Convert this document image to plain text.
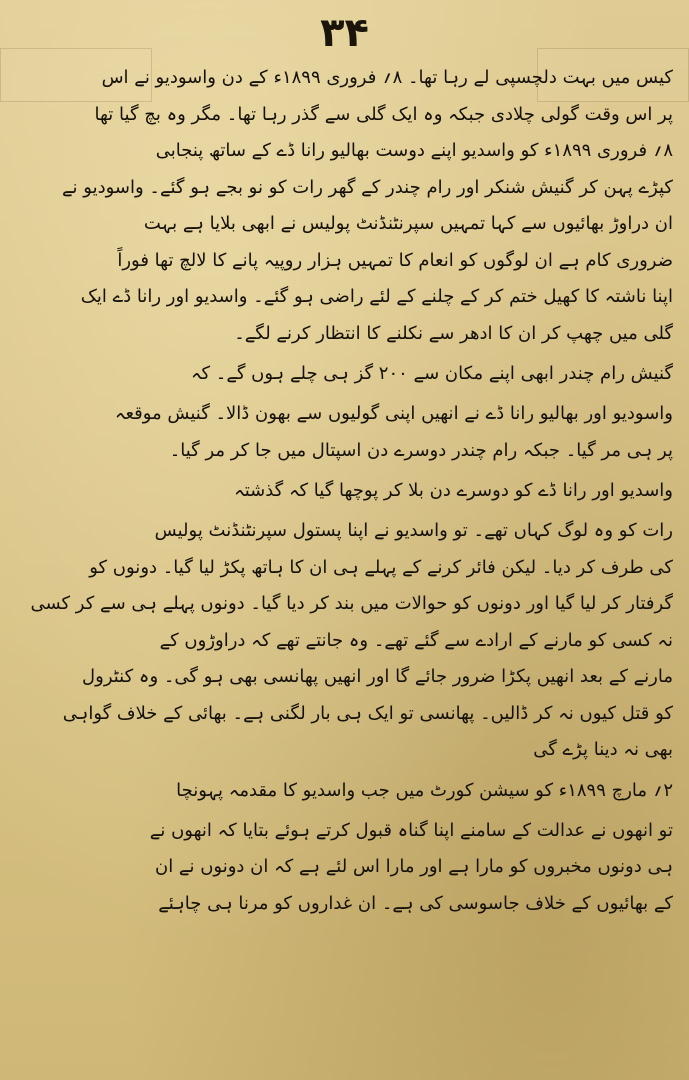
۳۴
کیس میں بہت دلچسپی لے رہا تھا۔ ۸؍ فروری ۱۸۹۹ء کے دن واسودیو نے اس
پر اس وقت گولی چلادی جبکہ وہ ایک گلی سے گذر رہا تھا۔ مگر وہ بچ گیا تھا
۸؍ فروری ۱۸۹۹ء کو واسدیو اپنے دوست بھالیو رانا ڈے کے ساتھ پنجابی
کپڑے پہن کر گنیش شنکر اور رام چندر کے گھر رات کو نو بجے ہو گئے۔ واسودیو نے
ان دراوڑ بھائیوں سے کہا تمہیں سپرنٹنڈنٹ پولیس نے ابھی بلایا ہے بہت
ضروری کام ہے ان لوگوں کو انعام کا تمہیں ہزار روپیہ پانے کا لالچ تھا فوراً
اپنا ناشتہ کا کھیل ختم کر کے چلنے کے لئے راضی ہو گئے۔ واسدیو اور رانا ڈے ایک
گلی میں چھپ کر ان کا ادھر سے نکلنے کا انتظار کرنے لگے۔
گنیش رام چندر ابھی اپنے مکان سے ۲۰۰ گز ہی چلے ہوں گے۔ کہ
واسودیو اور بھالیو رانا ڈے نے انھیں اپنی گولیوں سے بھون ڈالا۔ گنیش موقعہ
پر ہی مر گیا۔ جبکہ رام چندر دوسرے دن اسپتال میں جا کر مر گیا۔
واسدیو اور رانا ڈے کو دوسرے دن بلا کر پوچھا گیا کہ گذشتہ
رات کو وہ لوگ کہاں تھے۔ تو واسدیو نے اپنا پستول سپرنٹنڈنٹ پولیس
کی طرف کر دیا۔ لیکن فائر کرنے کے پہلے ہی ان کا ہاتھ پکڑ لیا گیا۔ دونوں کو
گرفتار کر لیا گیا اور دونوں کو حوالات میں بند کر دیا گیا۔ دونوں پہلے ہی سے کر کسی
نہ کسی کو مارنے کے ارادے سے گئے تھے۔ وہ جانتے تھے کہ دراوڑوں کے
مارنے کے بعد انھیں پکڑا ضرور جائے گا اور انھیں پھانسی بھی ہو گی۔ وہ کنٹرول
کو قتل کیوں نہ کر ڈالیں۔ پھانسی تو ایک ہی بار لگنی ہے۔ بھائی کے خلاف گواہی
بھی نہ دینا پڑے گی
۲؍ مارچ ۱۸۹۹ء کو سیشن کورٹ میں جب واسدیو کا مقدمہ پہونچا
تو انھوں نے عدالت کے سامنے اپنا گناہ قبول کرتے ہوئے بتایا کہ انھوں نے
ہی دونوں مخبروں کو مارا ہے اور مارا اس لئے ہے کہ ان دونوں نے ان
کے بھائیوں کے خلاف جاسوسی کی ہے۔ ان غداروں کو مرنا ہی چاہئے
